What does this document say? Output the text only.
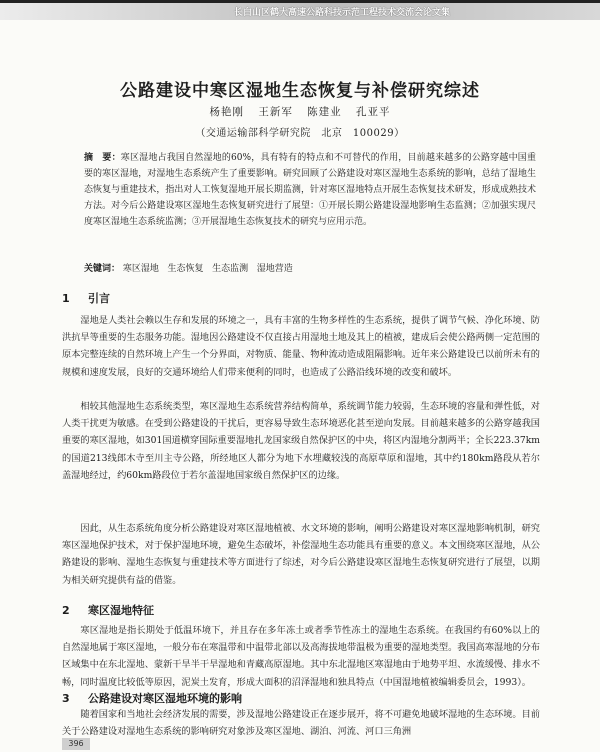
长白山区鹤大高速公路科技示范工程技术交流会论文集
公路建设中寒区湿地生态恢复与补偿研究综述
杨艳刚 王新军 陈建业 孔亚平
（交通运输部科学研究院　北京　100029）
摘　要：寒区湿地占我国自然湿地的60%，具有特有的特点和不可替代的作用，目前越来越多的公路穿越中国重要的寒区湿地，对湿地生态系统产生了重要影响。研究回顾了公路建设对寒区湿地生态系统的影响，总结了湿地生态恢复与重建技术，指出对人工恢复湿地开展长期监测，针对寒区湿地特点开展生态恢复技术研发，形成成熟技术方法。对今后公路建设寒区湿地生态恢复研究进行了展望：①开展长期公路建设湿地影响生态监测；②加强实现尺度寒区湿地生态系统监测；③开展湿地生态恢复技术的研究与应用示范。
关键词： 寒区湿地 生态恢复 生态监测 湿地营造
1 引言
湿地是人类社会赖以生存和发展的环境之一，具有丰富的生物多样性的生态系统，提供了调节气候、净化环境、防洪抗旱等重要的生态服务功能。湿地因公路建设不仅直接占用湿地土地及其上的植被，建成后会使公路两侧一定范围的原本完整连续的自然环境上产生一个分界面，对物质、能量、物种流动造成阻隔影响。近年来公路建设已以前所未有的规模和速度发展，良好的交通环境给人们带来便利的同时，也造成了公路沿线环境的改变和破坏。
相较其他湿地生态系统类型，寒区湿地生态系统营养结构简单，系统调节能力较弱，生态环境的容量和弹性低，对人类干扰更为敏感。在受到公路建设的干扰后，更容易导致生态环境恶化甚至逆向发展。目前越来越多的公路穿越我国重要的寒区湿地，如301国道横穿国际重要湿地扎龙国家级自然保护区的中央，将区内湿地分割两半；全长223.37km的国道213线郎木寺至川主寺公路，所经地区人都分为地下水埋藏较浅的高原草原和湿地，其中约180km路段从若尔盖湿地经过，约60km路段位于若尔盖湿地国家级自然保护区的边缘。
因此，从生态系统角度分析公路建设对寒区湿地植被、水文环境的影响，阐明公路建设对寒区湿地影响机制，研究寒区湿地保护技术，对于保护湿地环境，避免生态破坏，补偿湿地生态功能具有重要的意义。本文围绕寒区湿地，从公路建设的影响、湿地生态恢复与重建技术等方面进行了综述，对今后公路建设寒区湿地生态恢复研究进行了展望，以期为相关研究提供有益的借鉴。
2 寒区湿地特征
寒区湿地是指长期处于低温环境下，并且存在多年冻土或者季节性冻土的湿地生态系统。在我国约有60%以上的自然湿地属于寒区湿地，一般分布在寒温带和中温带北部以及高海拔地带温极为重要的湿地类型。我国高寒湿地的分布区域集中在东北湿地、蒙新干旱半干旱湿地和青藏高原湿地。其中东北湿地区寒湿地由于地势平坦、水流缓慢、排水不畅，同时温度比较低等原因，泥炭土发育，形成大面积的沼泽湿地和独具特点（中国湿地植被编辑委员会，1993）。
3 公路建设对寒区湿地环境的影响
随着国家和当地社会经济发展的需要，涉及湿地公路建设正在逐步展开，将不可避免地破坏湿地的生态环境。目前关于公路建设对湿地生态系统的影响研究对象涉及寒区湿地、湖泊、河流、河口三角洲
396
